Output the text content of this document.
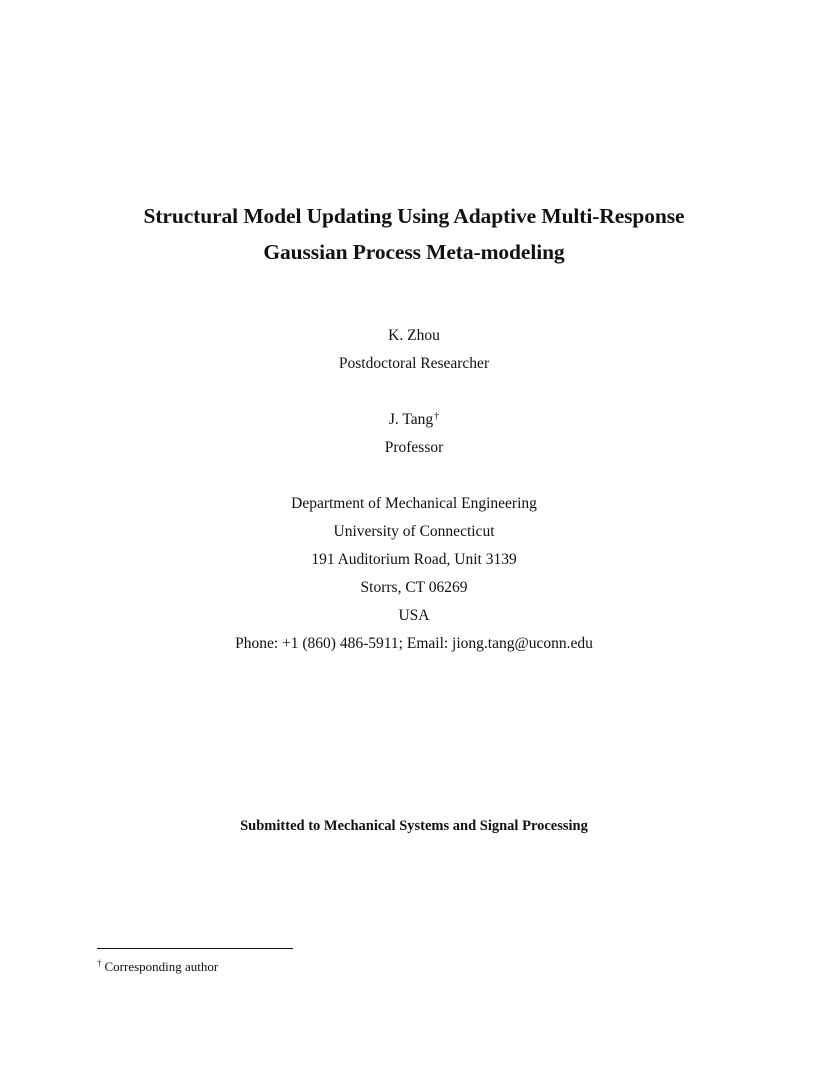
Structural Model Updating Using Adaptive Multi-Response
Gaussian Process Meta-modeling
K. Zhou
Postdoctoral Researcher
J. Tang†
Professor
Department of Mechanical Engineering
University of Connecticut
191 Auditorium Road, Unit 3139
Storrs, CT 06269
USA
Phone: +1 (860) 486-5911; Email: jiong.tang@uconn.edu
Submitted to Mechanical Systems and Signal Processing
† Corresponding author
